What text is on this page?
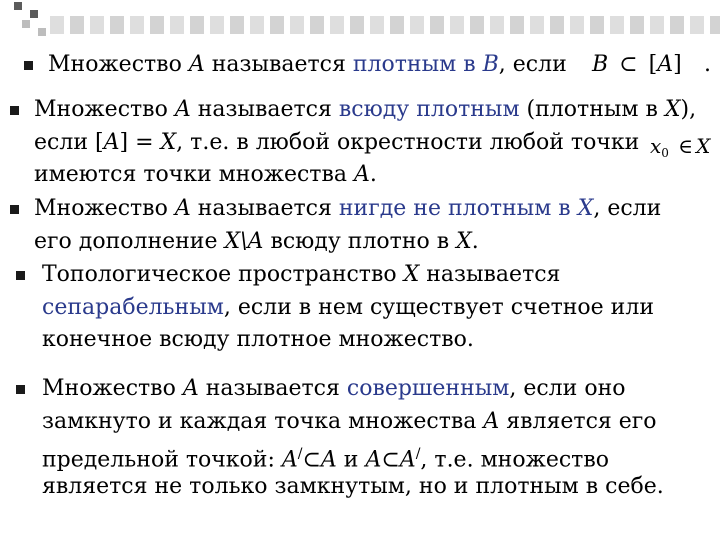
Множество A называется плотным в B, если B ⊂ [A] .
Множество A называется всюду плотным (плотным в X),
если [A] = X, т.е. в любой окрестности любой точки $x_0$ ∈ X
имеются точки множества A.
Множество A называется нигде не плотным в X, если
его дополнение X\A всюду плотно в X.
Топологическое пространство X называется
сепарабельным, если в нем существует счетное или
конечное всюду плотное множество.
Множество A называется совершенным, если оно
замкнуто и каждая точка множества A является его
предельной точкой: A/⊂A и A⊂A/, т.е. множество
является не только замкнутым, но и плотным в себе.
